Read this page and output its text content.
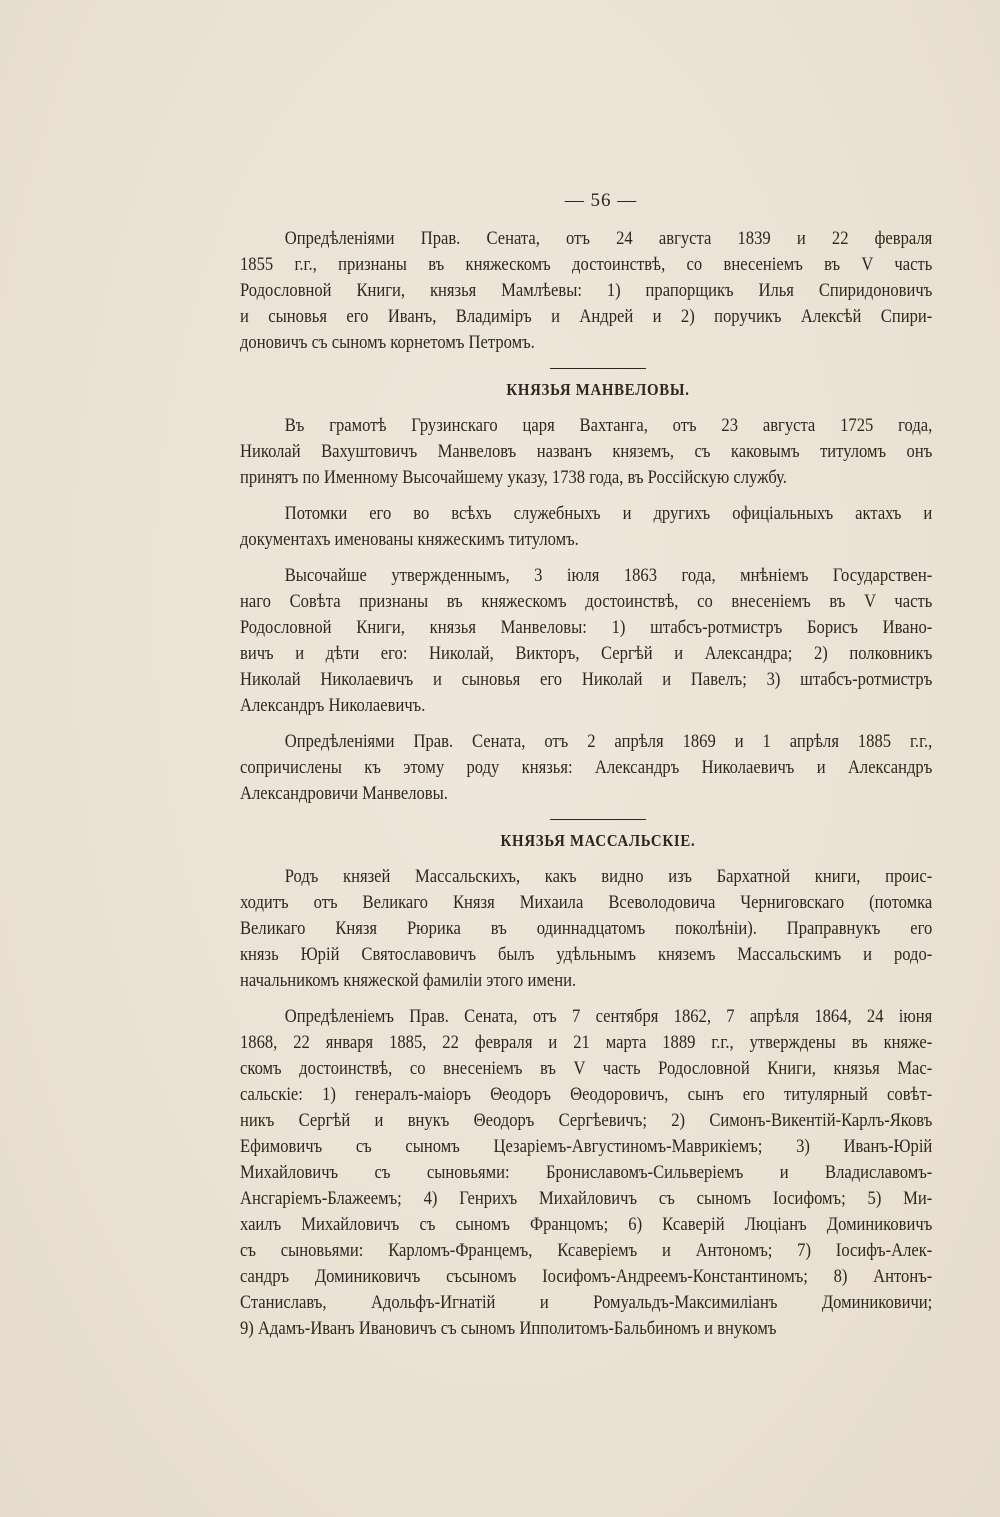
— 56 —
Опредѣленіями Прав. Сената, отъ 24 августа 1839 и 22 февраля
1855 г.г., признаны въ княжескомъ достоинствѣ, со внесеніемъ въ V часть
Родословной Книги, князья Мамлѣевы: 1) прапорщикъ Илья Спиридоновичъ
и сыновья его Иванъ, Владиміръ и Андрей и 2) поручикъ Алексѣй Спири-
доновичъ съ сыномъ корнетомъ Петромъ.
КНЯЗЬЯ МАНВЕЛОВЫ.
Въ грамотѣ Грузинскаго царя Вахтанга, отъ 23 августа 1725 года,
Николай Вахуштовичъ Манвеловъ названъ княземъ, съ каковымъ титуломъ онъ
принятъ по Именному Высочайшему указу, 1738 года, въ Россійскую службу.
Потомки его во всѣхъ служебныхъ и другихъ офиціальныхъ актахъ и
документахъ именованы княжескимъ титуломъ.
Высочайше утвержденнымъ, 3 іюля 1863 года, мнѣніемъ Государствен-
наго Совѣта признаны въ княжескомъ достоинствѣ, со внесеніемъ въ V часть
Родословной Книги, князья Манвеловы: 1) штабсъ-ротмистръ Борисъ Ивано-
вичъ и дѣти его: Николай, Викторъ, Сергѣй и Александра; 2) полковникъ
Николай Николаевичъ и сыновья его Николай и Павелъ; 3) штабсъ-ротмистръ
Александръ Николаевичъ.
Опредѣленіями Прав. Сената, отъ 2 апрѣля 1869 и 1 апрѣля 1885 г.г.,
сопричислены къ этому роду князья: Александръ Николаевичъ и Александръ
Александровичи Манвеловы.
КНЯЗЬЯ МАССАЛЬСКІЕ.
Родъ князей Массальскихъ, какъ видно изъ Бархатной книги, проис-
ходитъ отъ Великаго Князя Михаила Всеволодовича Черниговскаго (потомка
Великаго Князя Рюрика въ одиннадцатомъ поколѣніи). Праправнукъ его
князь Юрій Святославовичъ былъ удѣльнымъ княземъ Массальскимъ и родо-
начальникомъ княжеской фамиліи этого имени.
Опредѣленіемъ Прав. Сената, отъ 7 сентября 1862, 7 апрѣля 1864, 24 іюня
1868, 22 января 1885, 22 февраля и 21 марта 1889 г.г., утверждены въ княже-
скомъ достоинствѣ, со внесеніемъ въ V часть Родословной Книги, князья Мас-
сальскіе: 1) генералъ-маіоръ Θеодоръ Θеодоровичъ, сынъ его титулярный совѣт-
никъ Сергѣй и внукъ Θеодоръ Сергѣевичъ; 2) Симонъ-Викентій-Карлъ-Яковъ
Ефимовичъ съ сыномъ Цезаріемъ-Августиномъ-Маврикіемъ; 3) Иванъ-Юрій
Михайловичъ съ сыновьями: Брониславомъ-Сильверіемъ и Владиславомъ-
Ансгаріемъ-Блажеемъ; 4) Генрихъ Михайловичъ съ сыномъ Іосифомъ; 5) Ми-
хаилъ Михайловичъ съ сыномъ Францомъ; 6) Ксаверій Люціанъ Доминиковичъ
съ сыновьями: Карломъ-Францемъ, Ксаверіемъ и Антономъ; 7) Іосифъ-Алек-
сандръ Доминиковичъ съсыномъ Іосифомъ-Андреемъ-Константиномъ; 8) Антонъ-
Станиславъ, Адольфъ-Игнатій и Ромуальдъ-Максимиліанъ Доминиковичи;
9) Адамъ-Иванъ Ивановичъ съ сыномъ Ипполитомъ-Бальбиномъ и внукомъ
